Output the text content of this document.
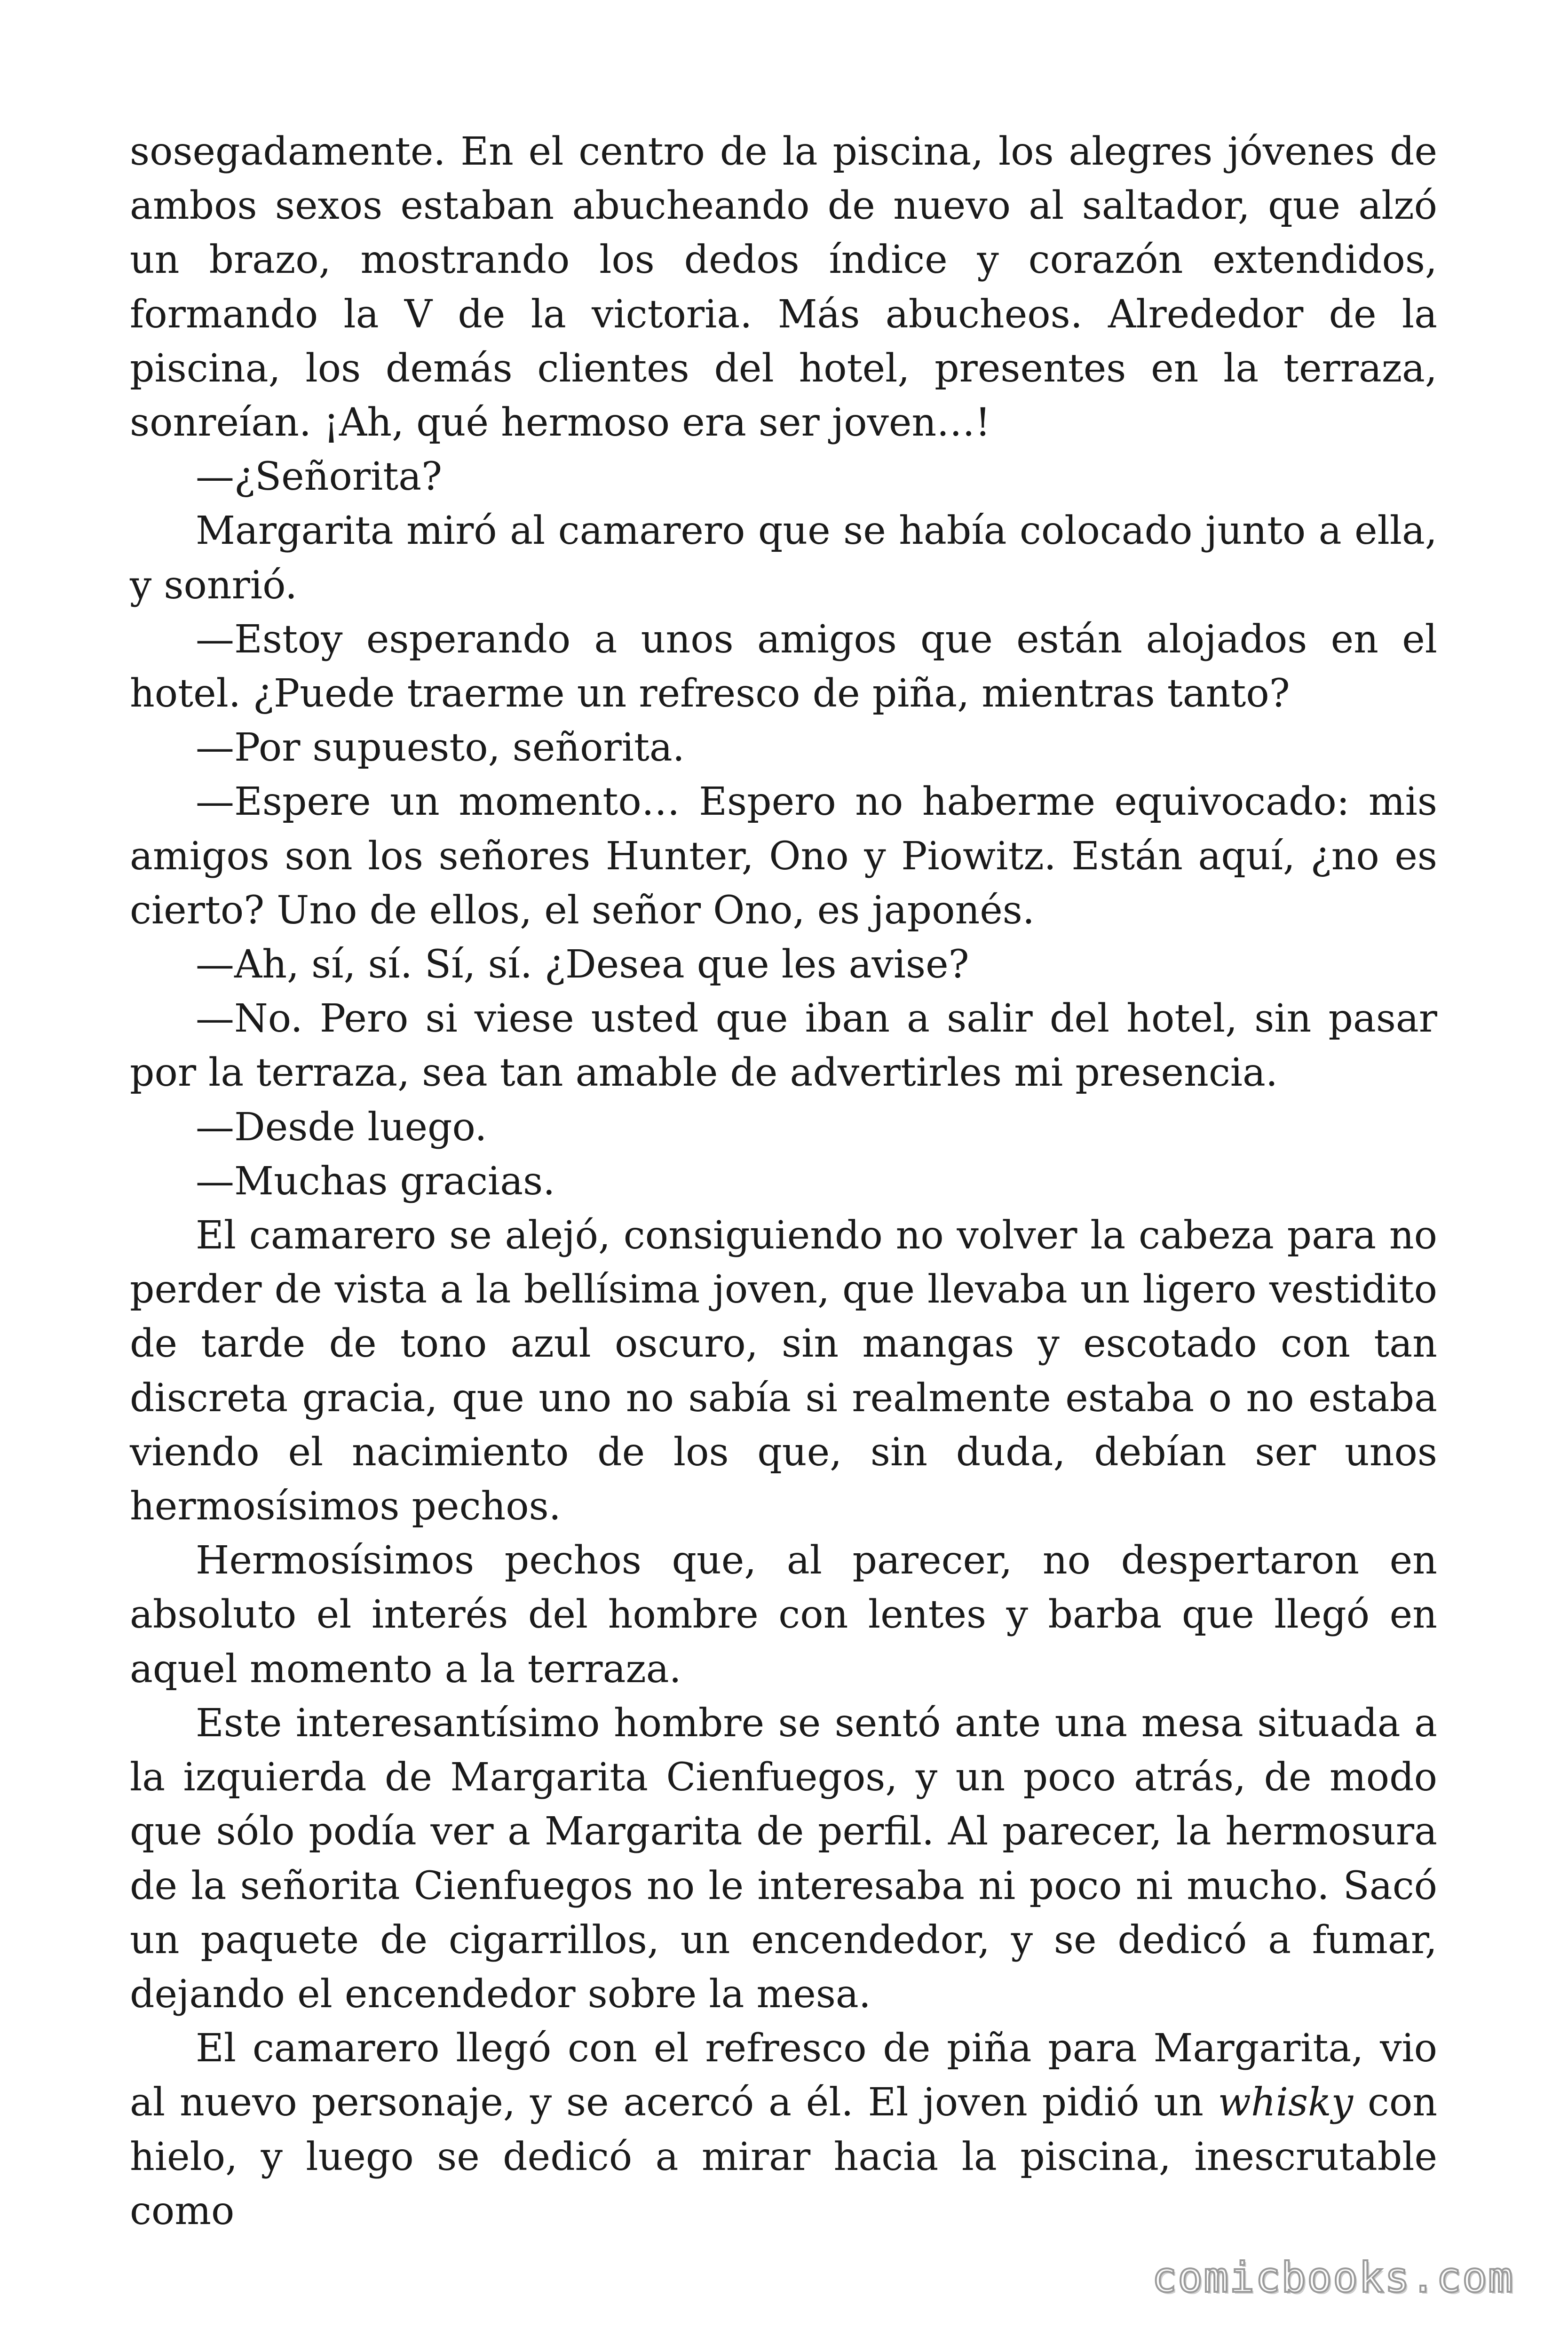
sosegadamente. En el centro de la piscina, los alegres jóvenes de ambos sexos estaban abucheando de nuevo al saltador, que alzó un brazo, mostrando los dedos índice y corazón extendidos, formando la V de la victoria. Más abucheos. Alrededor de la piscina, los demás clientes del hotel, presentes en la terraza, sonreían. ¡Ah, qué hermoso era ser joven…!

—¿Señorita?

Margarita miró al camarero que se había colocado junto a ella, y sonrió.

—Estoy esperando a unos amigos que están alojados en el hotel. ¿Puede traerme un refresco de piña, mientras tanto?

—Por supuesto, señorita.

—Espere un momento… Espero no haberme equivocado: mis amigos son los señores Hunter, Ono y Piowitz. Están aquí, ¿no es cierto? Uno de ellos, el señor Ono, es japonés.

—Ah, sí, sí. Sí, sí. ¿Desea que les avise?

—No. Pero si viese usted que iban a salir del hotel, sin pasar por la terraza, sea tan amable de advertirles mi presencia.

—Desde luego.

—Muchas gracias.

El camarero se alejó, consiguiendo no volver la cabeza para no perder de vista a la bellísima joven, que llevaba un ligero vestidito de tarde de tono azul oscuro, sin mangas y escotado con tan discreta gracia, que uno no sabía si realmente estaba o no estaba viendo el nacimiento de los que, sin duda, debían ser unos hermosísimos pechos.

Hermosísimos pechos que, al parecer, no despertaron en absoluto el interés del hombre con lentes y barba que llegó en aquel momento a la terraza.

Este interesantísimo hombre se sentó ante una mesa situada a la izquierda de Margarita Cienfuegos, y un poco atrás, de modo que sólo podía ver a Margarita de perfil. Al parecer, la hermosura de la señorita Cienfuegos no le interesaba ni poco ni mucho. Sacó un paquete de cigarrillos, un encendedor, y se dedicó a fumar, dejando el encendedor sobre la mesa.

El camarero llegó con el refresco de piña para Margarita, vio al nuevo personaje, y se acercó a él. El joven pidió un whisky con hielo, y luego se dedicó a mirar hacia la piscina, inescrutable como

comicbooks.com
